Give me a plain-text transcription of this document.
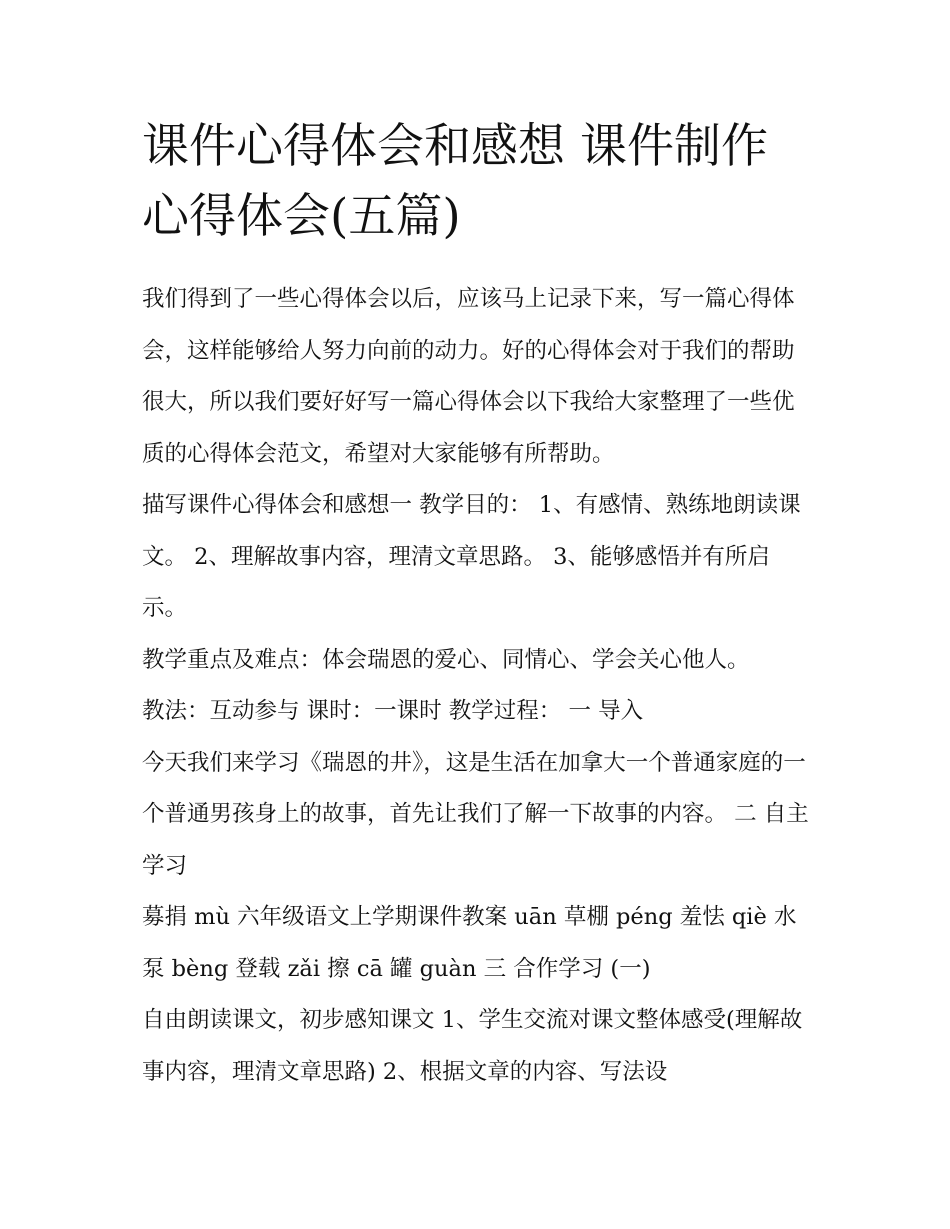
课件心得体会和感想 课件制作心得体会(五篇)

我们得到了一些心得体会以后，应该马上记录下来，写一篇心得体会，这样能够给人努力向前的动力。好的心得体会对于我们的帮助很大，所以我们要好好写一篇心得体会以下我给大家整理了一些优质的心得体会范文，希望对大家能够有所帮助。

描写课件心得体会和感想一 教学目的： 1、有感情、熟练地朗读课文。 2、理解故事内容，理清文章思路。 3、能够感悟并有所启示。

教学重点及难点：体会瑞恩的爱心、同情心、学会关心他人。

教法：互动参与 课时：一课时 教学过程： 一 导入

今天我们来学习《瑞恩的井》，这是生活在加拿大一个普通家庭的一个普通男孩身上的故事，首先让我们了解一下故事的内容。 二 自主学习

募捐 mù 六年级语文上学期课件教案 uān 草棚 péng 羞怯 qiè 水泵 bèng 登载 zǎi 擦 cā 罐 guàn 三 合作学习 (一)

自由朗读课文，初步感知课文 1、学生交流对课文整体感受(理解故事内容，理清文章思路) 2、根据文章的内容、写法设
